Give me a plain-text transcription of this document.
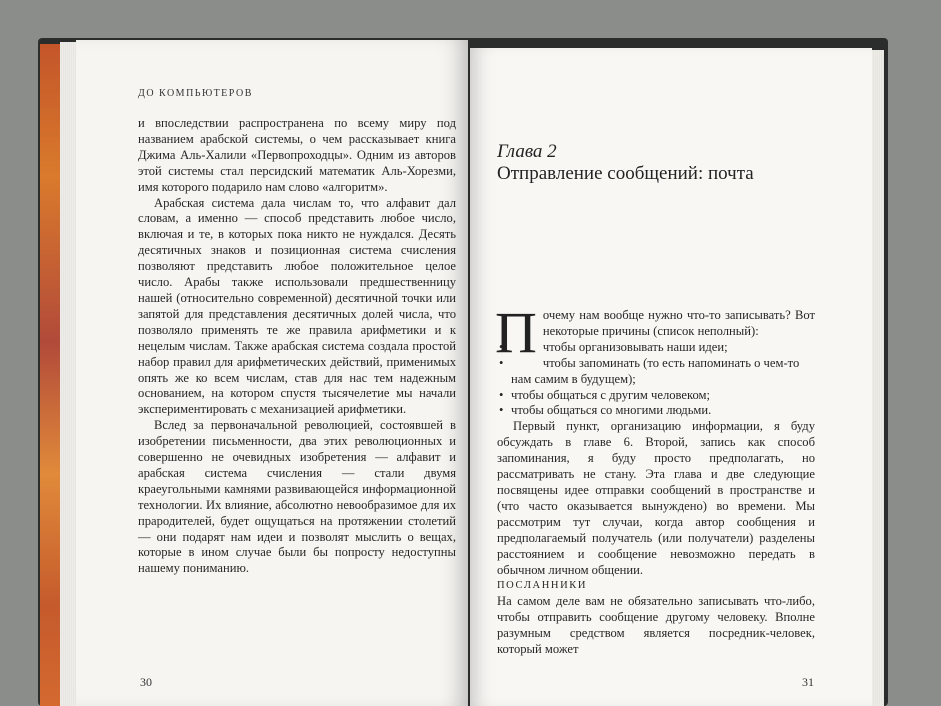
ДО КОМПЬЮТЕРОВ

и впоследствии распространена по всему миру под названием арабской системы, о чем рассказывает книга Джима Аль-Халили «Первопроходцы». Одним из авторов этой системы стал персидский математик Аль-Хорезми, имя которого подарило нам слово «алгоритм».

Арабская система дала числам то, что алфавит дал словам, а именно — способ представить любое число, включая и те, в которых пока никто не нуждался. Десять десятичных знаков и позиционная система счисления позволяют представить любое положительное целое число. Арабы также использовали предшественницу нашей (относительно современной) десятичной точки или запятой для представления десятичных долей числа, что позволяло применять те же правила арифметики и к нецелым числам. Также арабская система создала простой набор правил для арифметических действий, применимых опять же ко всем числам, став для нас тем надежным основанием, на котором спустя тысячелетие мы начали экспериментировать с механизацией арифметики.

Вслед за первоначальной революцией, состоявшей в изобретении письменности, два этих революционных и совершенно не очевидных изобретения — алфавит и арабская система счисления — стали двумя краеугольными камнями развивающейся информационной технологии. Их влияние, абсолютно невообразимое для их прародителей, будет ощущаться на протяжении столетий — они подарят нам идеи и позволят мыслить о вещах, которые в ином случае были бы попросту недоступны нашему пониманию.

30
Глава 2
Отправление сообщений: почта

Почему нам вообще нужно что-то записывать? Вот некоторые причины (список неполный):

• чтобы организовывать наши идеи;
• чтобы запоминать (то есть напоминать о чем-то нам самим в будущем);
• чтобы общаться с другим человеком;
• чтобы общаться со многими людьми.

Первый пункт, организацию информации, я буду обсуждать в главе 6. Второй, запись как способ запоминания, я буду просто предполагать, но рассматривать не стану. Эта глава и две следующие посвящены идее отправки сообщений в пространстве и (что часто оказывается вынуждено) во времени. Мы рассмотрим тут случаи, когда автор сообщения и предполагаемый получатель (или получатели) разделены расстоянием и сообщение невозможно передать в обычном личном общении.

ПОСЛАННИКИ

На самом деле вам не обязательно записывать что-либо, чтобы отправить сообщение другому человеку. Вполне разумным средством является посредник-человек, который может

31
